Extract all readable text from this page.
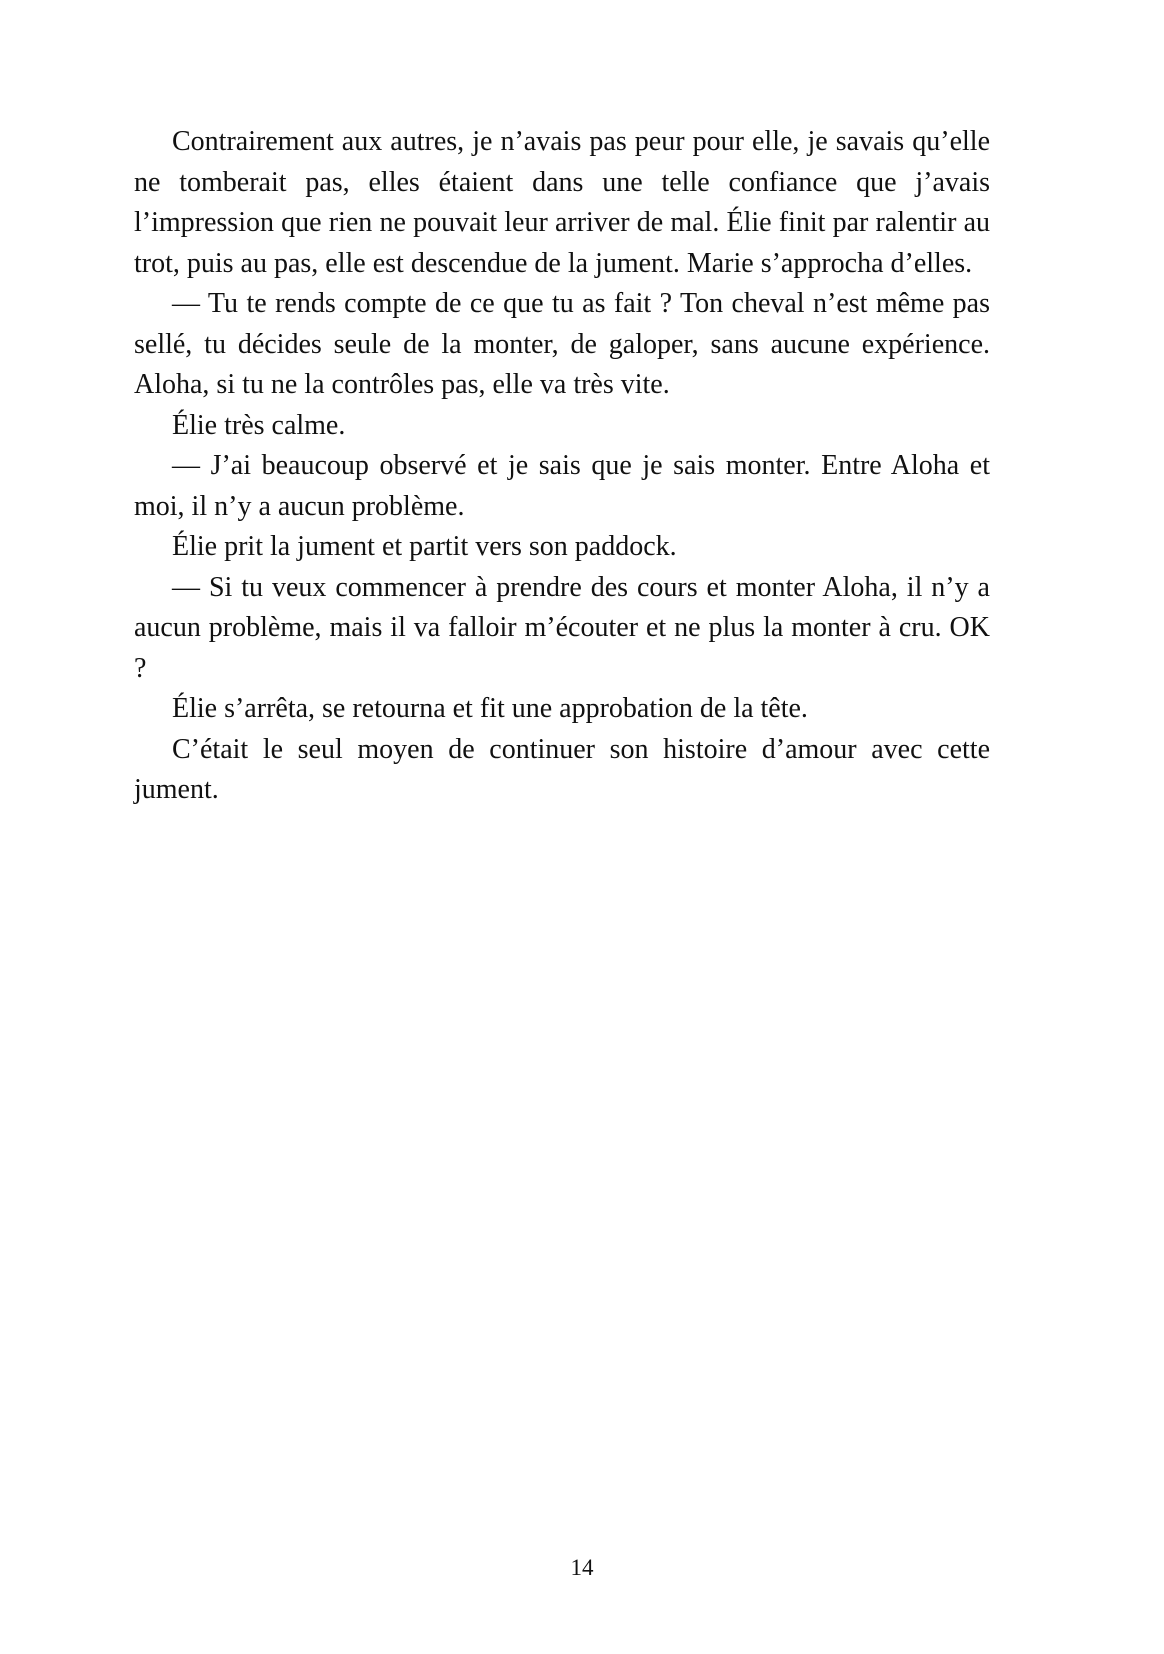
Contrairement aux autres, je n’avais pas peur pour elle, je savais qu’elle ne tomberait pas, elles étaient dans une telle confiance que j’avais l’impression que rien ne pouvait leur arriver de mal. Élie finit par ralentir au trot, puis au pas, elle est descendue de la jument. Marie s’approcha d’elles.

— Tu te rends compte de ce que tu as fait ? Ton cheval n’est même pas sellé, tu décides seule de la monter, de galoper, sans aucune expérience. Aloha, si tu ne la contrôles pas, elle va très vite.

Élie très calme.

— J’ai beaucoup observé et je sais que je sais monter. Entre Aloha et moi, il n’y a aucun problème.

Élie prit la jument et partit vers son paddock.

— Si tu veux commencer à prendre des cours et monter Aloha, il n’y a aucun problème, mais il va falloir m’écouter et ne plus la monter à cru. OK ?

Élie s’arrêta, se retourna et fit une approbation de la tête.

C’était le seul moyen de continuer son histoire d’amour avec cette jument.

14
